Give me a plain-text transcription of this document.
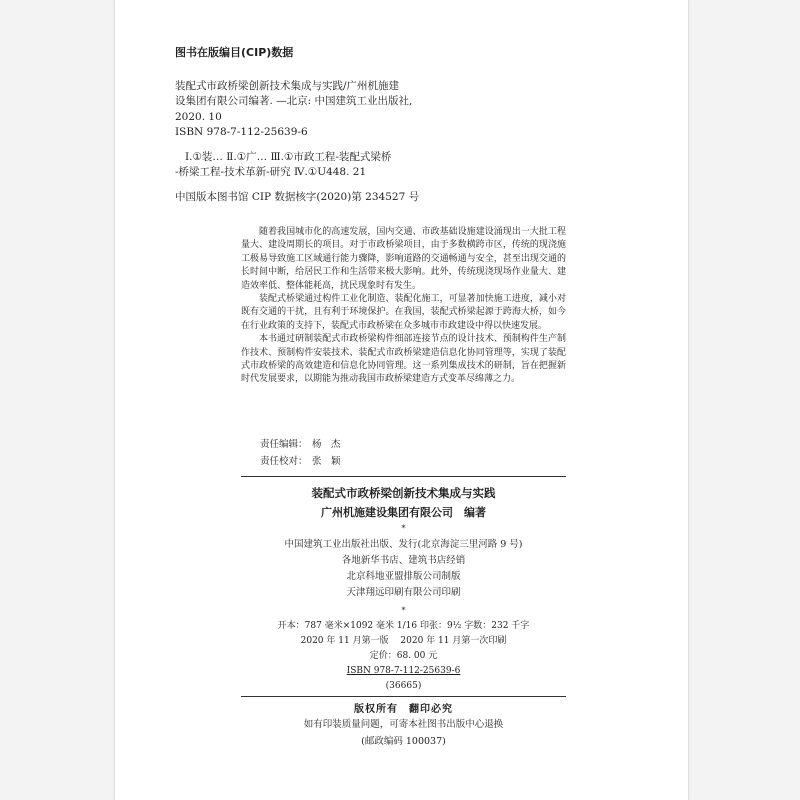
图书在版编目(CIP)数据
装配式市政桥梁创新技术集成与实践/广州机施建
设集团有限公司编著. —北京: 中国建筑工业出版社,
2020. 10
ISBN 978-7-112-25639-6
Ⅰ.①装… Ⅱ.①广… Ⅲ.①市政工程-装配式梁桥
-桥梁工程-技术革新-研究 Ⅳ.①U448. 21
中国版本图书馆 CIP 数据核字(2020)第 234527 号

随着我国城市化的高速发展，国内交通、市政基础设施建设涌现出一大批工程量大、建设周期长的项目。对于市政桥梁项目，由于多数横跨市区，传统的现浇施工极易导致施工区域通行能力骤降，影响道路的交通畅通与安全，甚至出现交通的长时间中断，给居民工作和生活带来极大影响。此外，传统现浇现场作业量大、建造效率低、整体能耗高，扰民现象时有发生。

装配式桥梁通过构件工业化制造、装配化施工，可显著加快施工进度，减小对既有交通的干扰，且有利于环境保护。在我国，装配式桥梁起源于跨海大桥，如今在行业政策的支持下，装配式市政桥梁在众多城市市政建设中得以快速发展。

本书通过研制装配式市政桥梁构件细部连接节点的设计技术、预制构件生产制作技术、预制构件安装技术、装配式市政桥梁建造信息化协同管理等，实现了装配式市政桥梁的高效建造和信息化协同管理。这一系列集成技术的研制，旨在把握新时代发展要求，以期能为推动我国市政桥梁建造方式变革尽绵薄之力。

责任编辑： 杨　杰
责任校对： 张　颖
装配式市政桥梁创新技术集成与实践
广州机施建设集团有限公司　编著
*
中国建筑工业出版社出版、发行(北京海淀三里河路 9 号)
各地新华书店、建筑书店经销
北京科地亚盟排版公司制版
天津翔远印刷有限公司印刷
*
开本：787 毫米×1092 毫米 1/16 印张：9½ 字数：232 千字
2020 年 11 月第一版　 2020 年 11 月第一次印刷
定价：68. 00 元
ISBN 978-7-112-25639-6
(36665)
版权所有　翻印必究
如有印装质量问题，可寄本社图书出版中心退换
(邮政编码 100037)
